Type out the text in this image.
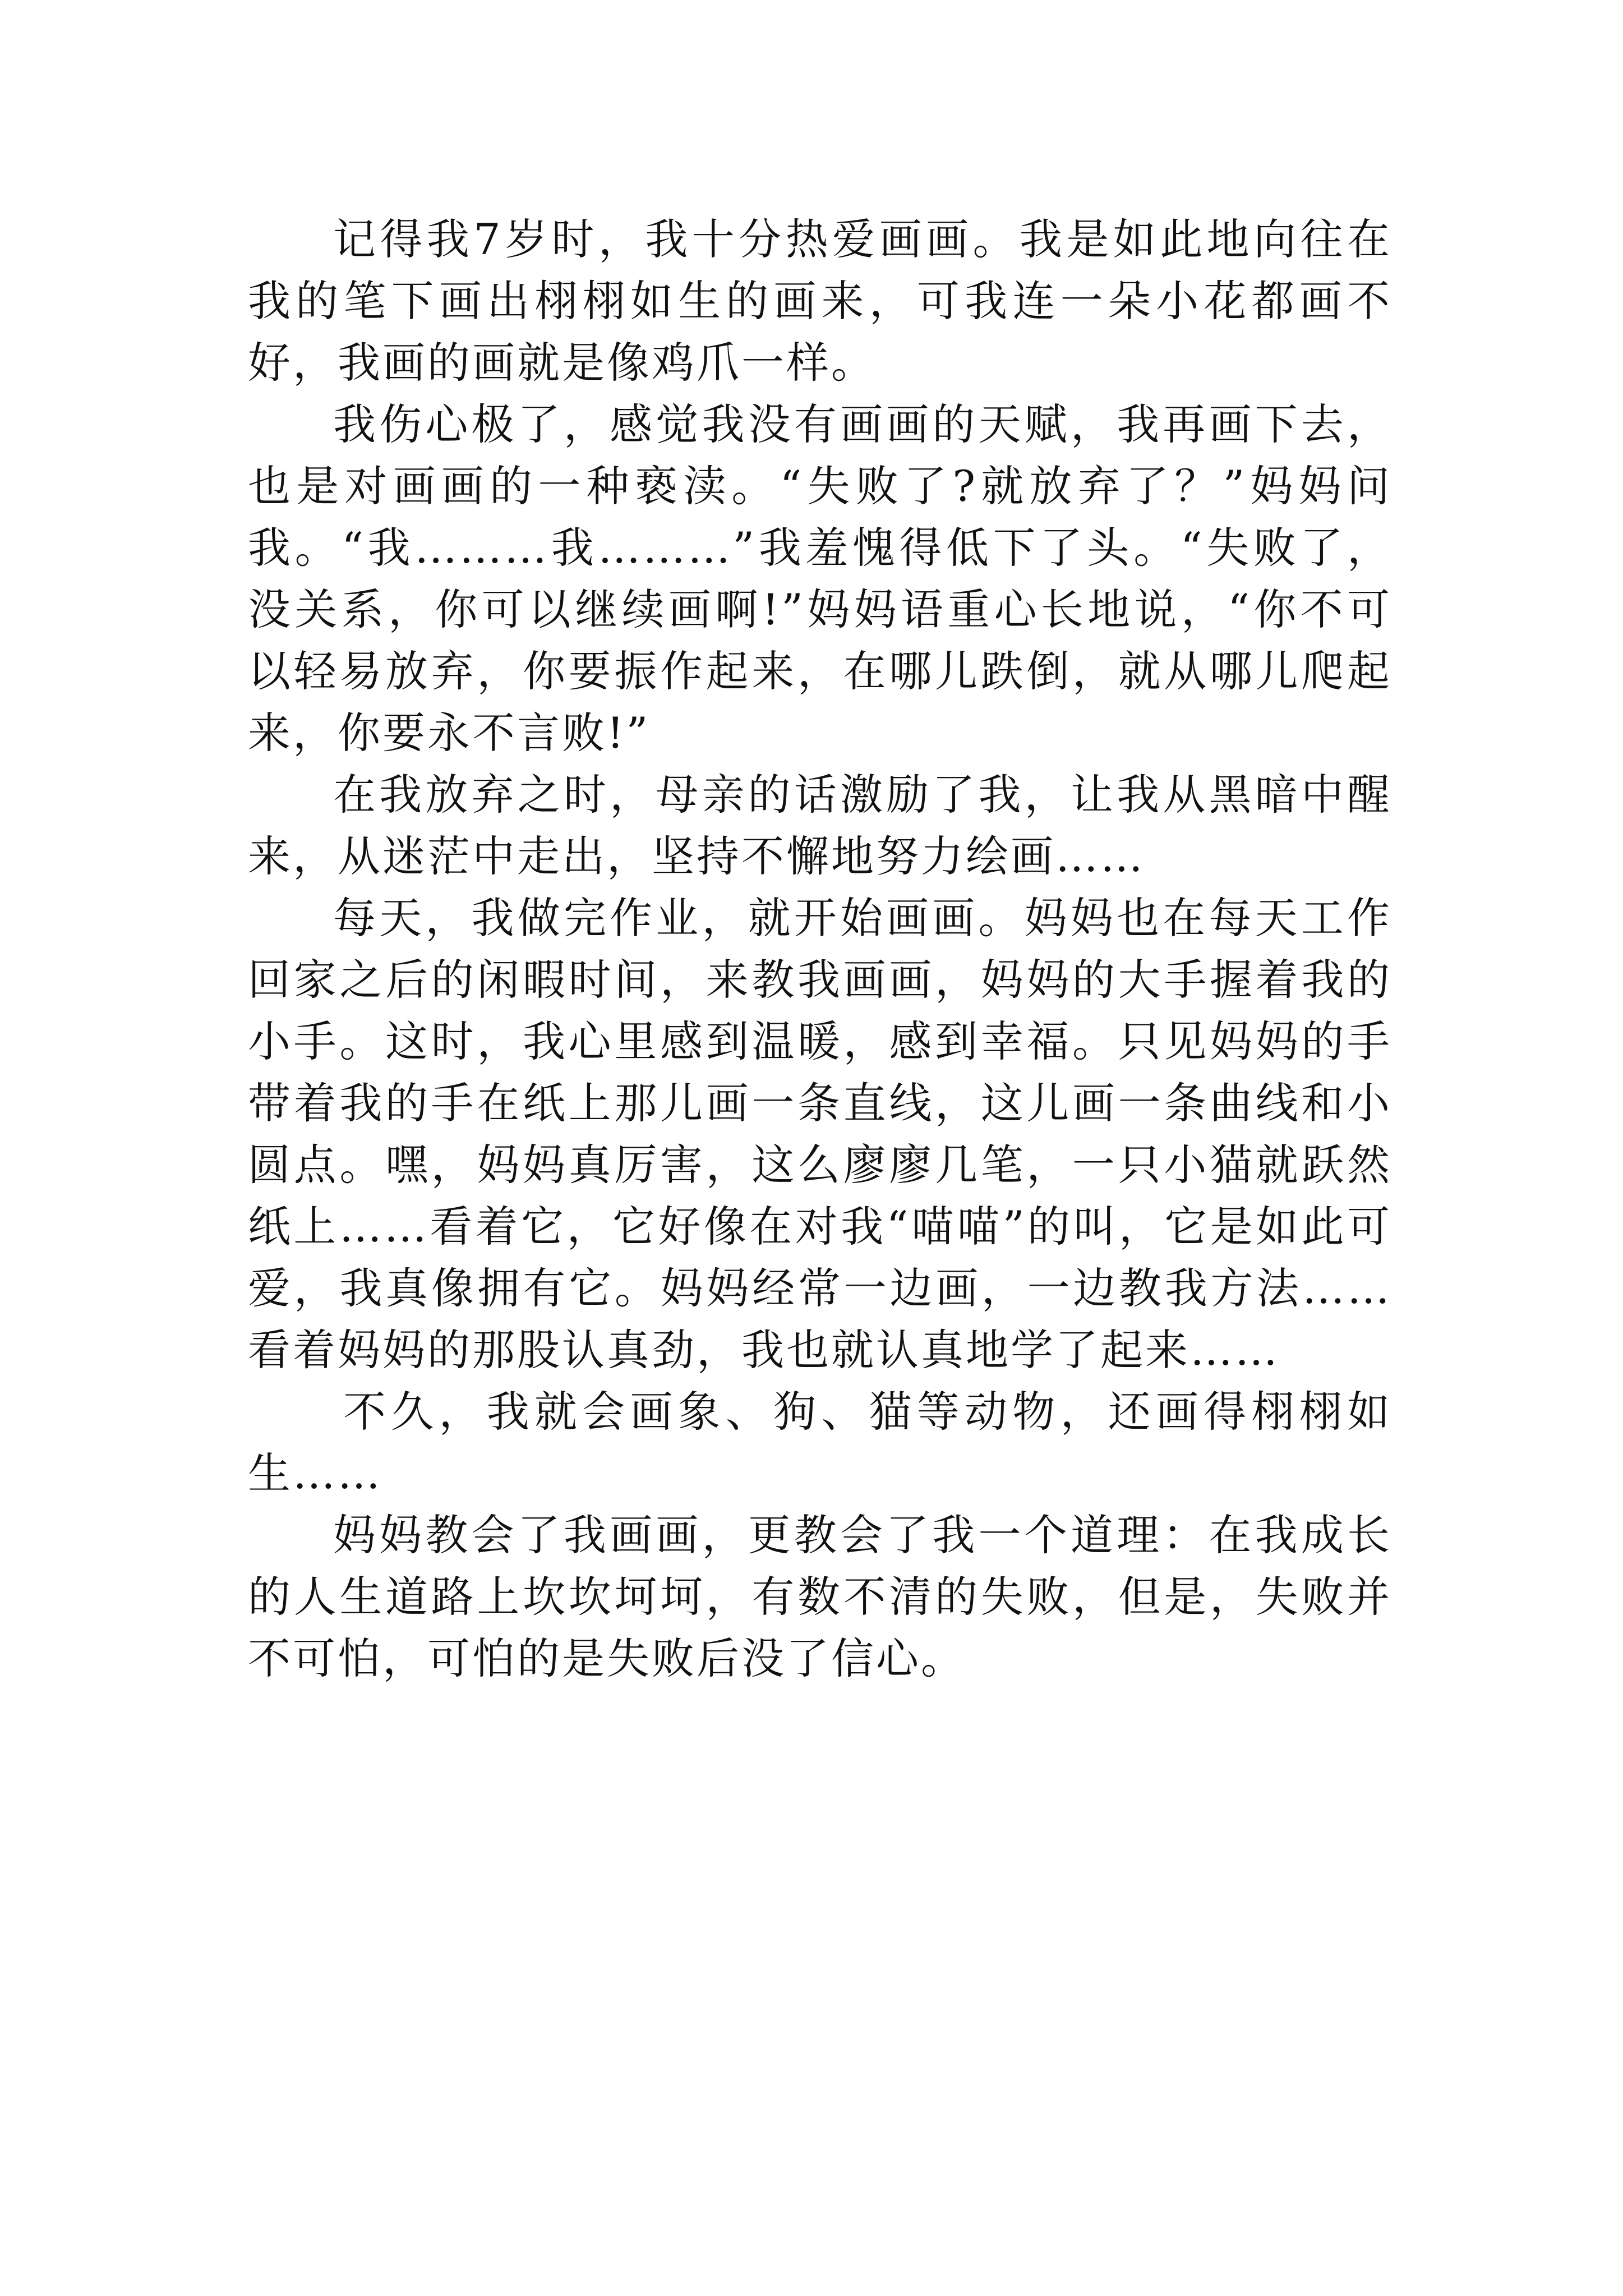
记得我7岁时，我十分热爱画画。我是如此地向往在我的笔下画出栩栩如生的画来，可我连一朵小花都画不好，我画的画就是像鸡爪一样。

我伤心极了，感觉我没有画画的天赋，我再画下去，也是对画画的一种亵渎。“失败了?就放弃了？”妈妈问我。“我………我………”我羞愧得低下了头。“失败了，没关系，你可以继续画啊!”妈妈语重心长地说，“你不可以轻易放弃，你要振作起来，在哪儿跌倒，就从哪儿爬起来，你要永不言败!”

在我放弃之时，母亲的话激励了我，让我从黑暗中醒来，从迷茫中走出，坚持不懈地努力绘画……

每天，我做完作业，就开始画画。妈妈也在每天工作回家之后的闲暇时间，来教我画画，妈妈的大手握着我的小手。这时，我心里感到温暖，感到幸福。只见妈妈的手带着我的手在纸上那儿画一条直线，这儿画一条曲线和小圆点。嘿，妈妈真厉害，这么廖廖几笔，一只小猫就跃然纸上……看着它，它好像在对我“喵喵”的叫，它是如此可爱，我真像拥有它。妈妈经常一边画，一边教我方法……看着妈妈的那股认真劲，我也就认真地学了起来……

不久，我就会画象、狗、猫等动物，还画得栩栩如生……

妈妈教会了我画画，更教会了我一个道理：在我成长的人生道路上坎坎坷坷，有数不清的失败，但是，失败并不可怕，可怕的是失败后没了信心。
